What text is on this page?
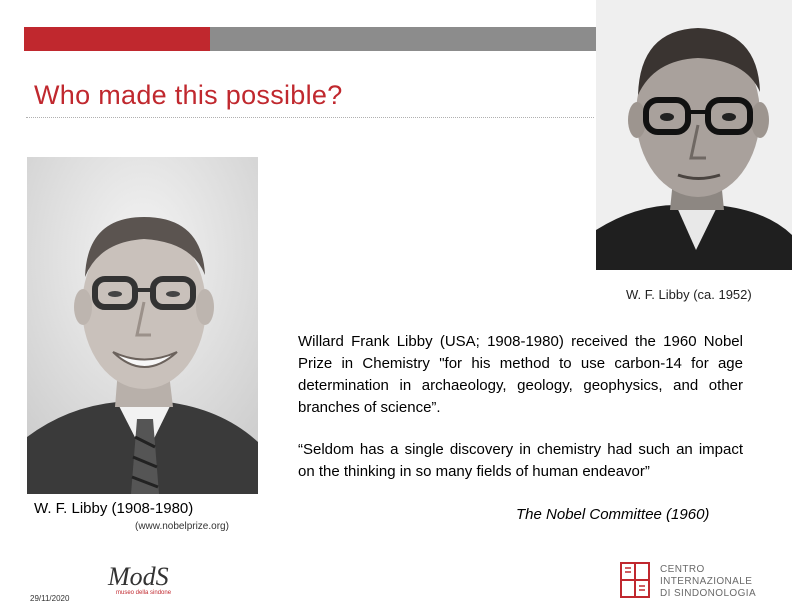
Who made this possible?
W. F. Libby (ca. 1952)
W. F. Libby (1908-1980)
(www.nobelprize.org)
Willard Frank Libby (USA; 1908-1980) received the 1960 Nobel Prize in Chemistry "for his method to use carbon-14 for age determination in archaeology, geology, geophysics, and other branches of science”.
“Seldom has a single discovery in chemistry had such an impact on the thinking in so many fields of human endeavor”
The Nobel Committee (1960)
29/11/2020
ModS
museo della sindone
CENTRO
INTERNAZIONALE
DI SINDONOLOGIA
